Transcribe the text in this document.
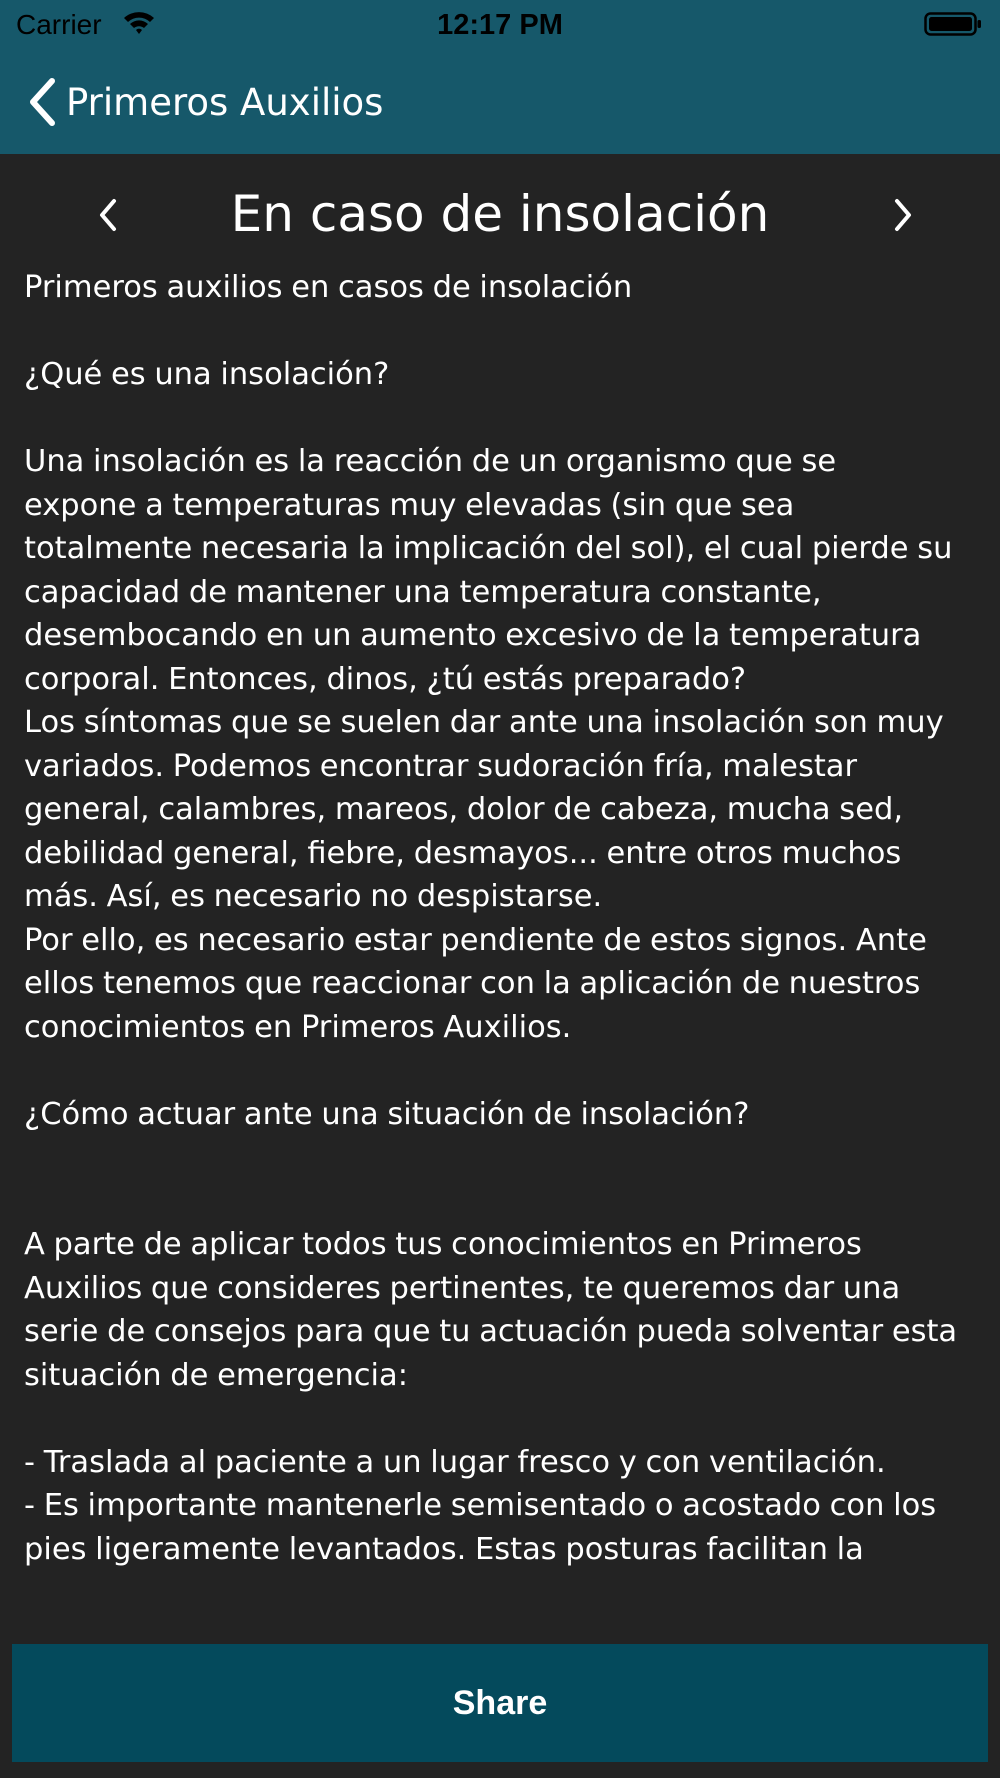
Carrier	12:17 PM
Primeros Auxilios
En caso de insolación
Primeros auxilios en casos de insolación
¿Qué es una insolación?
Una insolación es la reacción de un organismo que se
expone a temperaturas muy elevadas (sin que sea
totalmente necesaria la implicación del sol), el cual pierde su
capacidad de mantener una temperatura constante,
desembocando en un aumento excesivo de la temperatura
corporal. Entonces, dinos, ¿tú estás preparado?
Los síntomas que se suelen dar ante una insolación son muy
variados. Podemos encontrar sudoración fría, malestar
general, calambres, mareos, dolor de cabeza, mucha sed,
debilidad general, fiebre, desmayos... entre otros muchos
más. Así, es necesario no despistarse.
Por ello, es necesario estar pendiente de estos signos. Ante
ellos tenemos que reaccionar con la aplicación de nuestros
conocimientos en Primeros Auxilios.
¿Cómo actuar ante una situación de insolación?
A parte de aplicar todos tus conocimientos en Primeros
Auxilios que consideres pertinentes, te queremos dar una
serie de consejos para que tu actuación pueda solventar esta
situación de emergencia:
- Traslada al paciente a un lugar fresco y con ventilación.
- Es importante mantenerle semisentado o acostado con los
pies ligeramente levantados. Estas posturas facilitan la
Share
